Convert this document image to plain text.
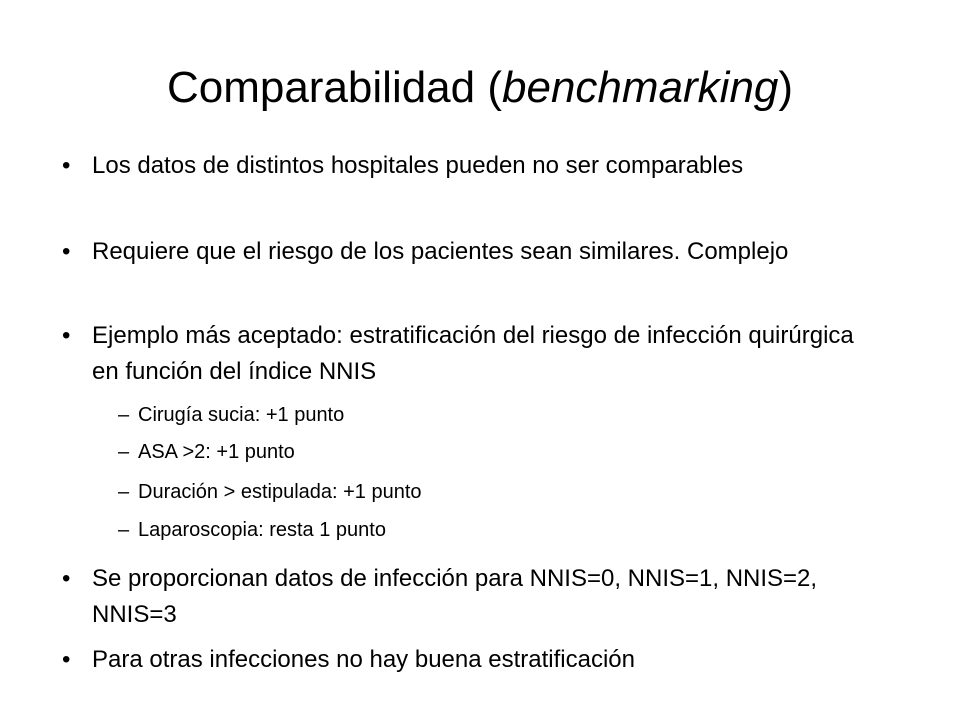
Comparabilidad (benchmarking)
• Los datos de distintos hospitales pueden no ser comparables
• Requiere que el riesgo de los pacientes sean similares. Complejo
• Ejemplo más aceptado: estratificación del riesgo de infección quirúrgica en función del índice NNIS
– Cirugía sucia: +1 punto
– ASA >2: +1 punto
– Duración > estipulada: +1 punto
– Laparoscopia: resta 1 punto
• Se proporcionan datos de infección para NNIS=0, NNIS=1, NNIS=2, NNIS=3
• Para otras infecciones no hay buena estratificación
